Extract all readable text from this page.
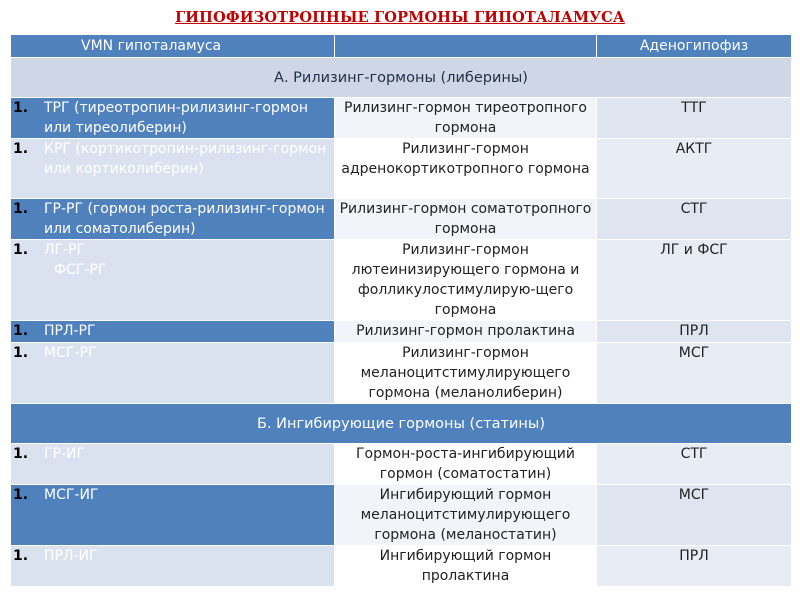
ГИПОФИЗОТРОПНЫЕ ГОРМОНЫ ГИПОТАЛАМУСА
VMN гипоталамуса		Аденогипофиз
А. Рилизинг-гормоны (либерины)		

1. ТРГ (тиреотропин-рилизинг-гормон или тиреолиберин)	Рилизинг-гормон тиреотропного гормона	ТТГ

1. КРГ (кортикотропин-рилизинг-гормон или кортиколиберин)	Рилизинг-гормон адренокортикотропного гормона	АКТГ

1. ГР-РГ (гормон роста-рилизинг-гормон или соматолиберин)	Рилизинг-гормон соматотропного гормона	СТГ

1. ЛГ-РГ
ФСГ-РГ	Рилизинг-гормон лютеинизирующего гормона и фолликулостимулирую-щего гормона	ЛГ и ФСГ

1. ПРЛ-РГ	Рилизинг-гормон пролактина	ПРЛ

1. МСГ-РГ	Рилизинг-гормон меланоцитстимулирующего гормона (меланолиберин)	МСГ
Б. Ингибирующие гормоны (статины)		

1. ГР-ИГ	Гормон-роста-ингибирующий гормон (соматостатин)	СТГ

1. МСГ-ИГ	Ингибирующий гормон меланоцитстимулирующего гормона (меланостатин)	МСГ

1. ПРЛ-ИГ	Ингибирующий гормон пролактина	ПРЛ
